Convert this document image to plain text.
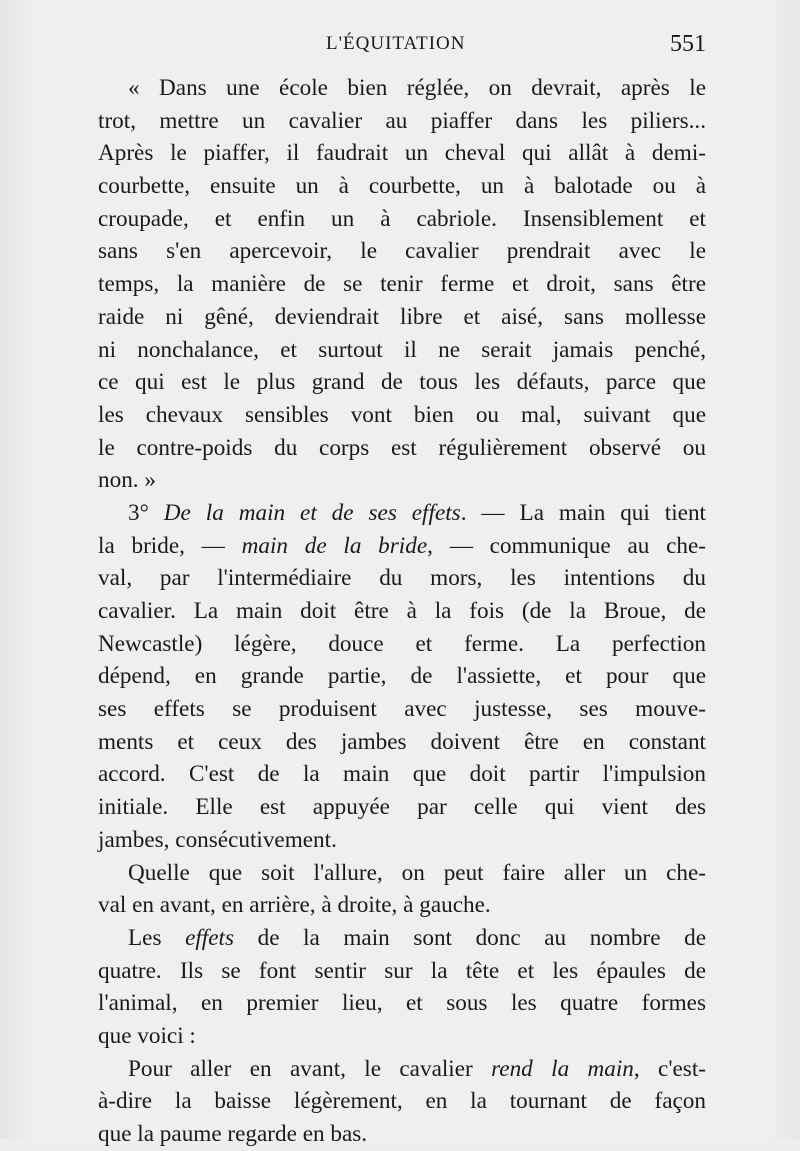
L'ÉQUITATION	551
« Dans une école bien réglée, on devrait, après le
trot, mettre un cavalier au piaffer dans les piliers...
Après le piaffer, il faudrait un cheval qui allât à demi-
courbette, ensuite un à courbette, un à balotade ou à
croupade, et enfin un à cabriole. Insensiblement et
sans s'en apercevoir, le cavalier prendrait avec le
temps, la manière de se tenir ferme et droit, sans être
raide ni gêné, deviendrait libre et aisé, sans mollesse
ni nonchalance, et surtout il ne serait jamais penché,
ce qui est le plus grand de tous les défauts, parce que
les chevaux sensibles vont bien ou mal, suivant que
le contre-poids du corps est régulièrement observé ou
non. »
3° De la main et de ses effets. — La main qui tient
la bride, — main de la bride, — communique au che-
val, par l'intermédiaire du mors, les intentions du
cavalier. La main doit être à la fois (de la Broue, de
Newcastle) légère, douce et ferme. La perfection
dépend, en grande partie, de l'assiette, et pour que
ses effets se produisent avec justesse, ses mouve-
ments et ceux des jambes doivent être en constant
accord. C'est de la main que doit partir l'impulsion
initiale. Elle est appuyée par celle qui vient des
jambes, consécutivement.
Quelle que soit l'allure, on peut faire aller un che-
val en avant, en arrière, à droite, à gauche.
Les effets de la main sont donc au nombre de
quatre. Ils se font sentir sur la tête et les épaules de
l'animal, en premier lieu, et sous les quatre formes
que voici :
Pour aller en avant, le cavalier rend la main, c'est-
à-dire la baisse légèrement, en la tournant de façon
que la paume regarde en bas.
